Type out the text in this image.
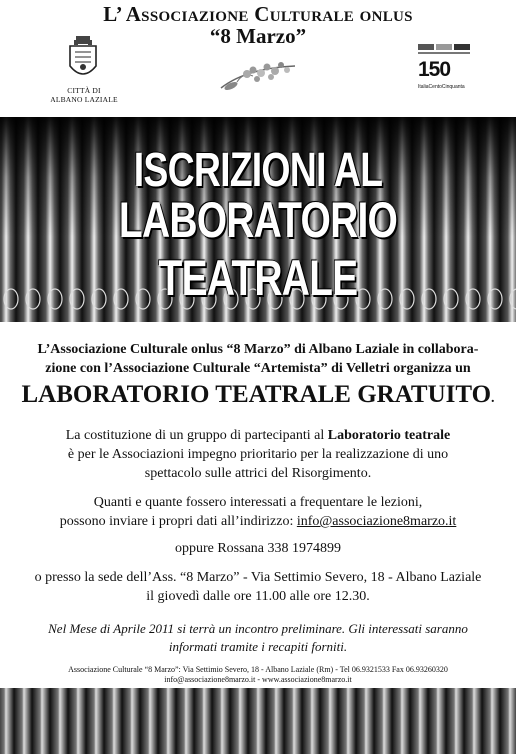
L’ Associazione Culturale onlus
“8 Marzo”
CITTÀ DI
ALBANO LAZIALE
150
ItaliaCentoCinquanta
ISCRIZIONI AL
LABORATORIO TEATRALE
L’Associazione Culturale onlus “8 Marzo” di Albano Laziale in collabora-
zione con l’Associazione Culturale “Artemista” di Velletri organizza un
LABORATORIO TEATRALE GRATUITO.
La costituzione di un gruppo di partecipanti al Laboratorio teatrale
è per le Associazioni impegno prioritario per la realizzazione di uno
spettacolo sulle attrici del Risorgimento.
Quanti e quante fossero interessati a frequentare le lezioni,
possono inviare i propri dati all’indirizzo: info@associazione8marzo.it
oppure Rossana 338 1974899
o presso la sede dell’Ass. “8 Marzo” - Via Settimio Severo, 18 - Albano Laziale
il giovedì dalle ore 11.00 alle ore 12.30.
Nel Mese di Aprile 2011 si terrà un incontro preliminare. Gli interessati saranno
informati tramite i recapiti forniti.
Associazione Culturale “8 Marzo”: Via Settimio Severo, 18 - Albano Laziale (Rm) - Tel 06.9321533 Fax 06.93260320
info@associazione8marzo.it - www.associazione8marzo.it
